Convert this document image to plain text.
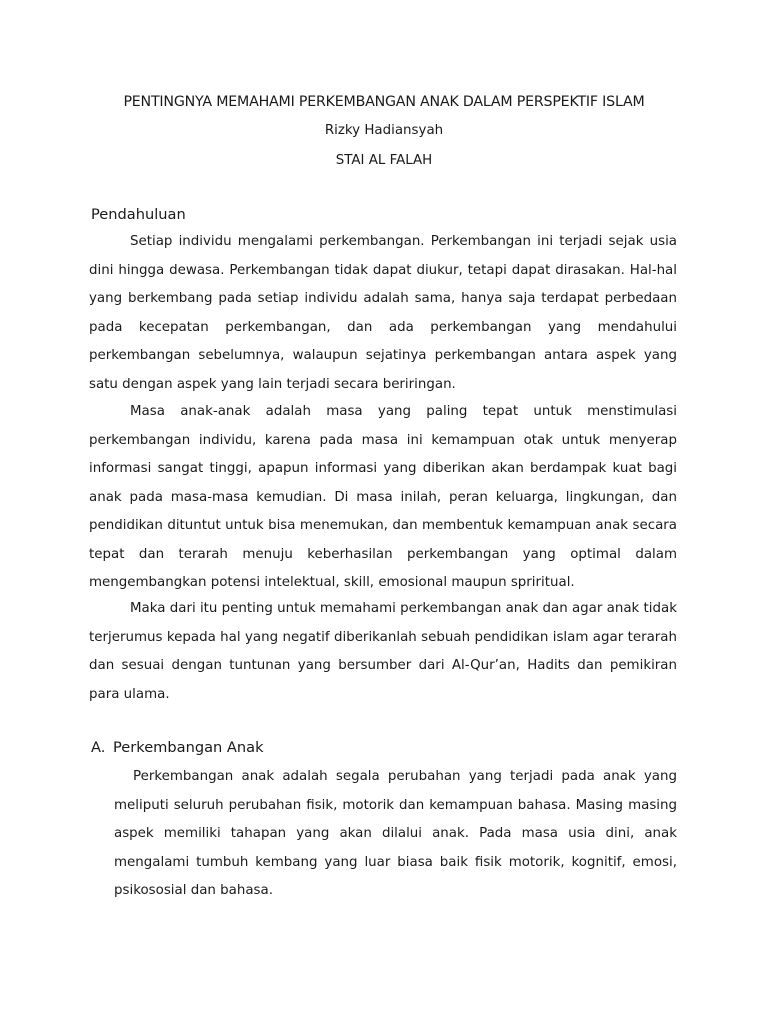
PENTINGNYA MEMAHAMI PERKEMBANGAN ANAK DALAM PERSPEKTIF ISLAM
Rizky Hadiansyah
STAI AL FALAH
Pendahuluan

Setiap individu mengalami perkembangan. Perkembangan ini terjadi sejak usia dini hingga dewasa. Perkembangan tidak dapat diukur, tetapi dapat dirasakan. Hal-hal yang berkembang pada setiap individu adalah sama, hanya saja terdapat perbedaan pada kecepatan perkembangan, dan ada perkembangan yang mendahului perkembangan sebelumnya, walaupun sejatinya perkembangan antara aspek yang satu dengan aspek yang lain terjadi secara beriringan.

Masa anak-anak adalah masa yang paling tepat untuk menstimulasi perkembangan individu, karena pada masa ini kemampuan otak untuk menyerap informasi sangat tinggi, apapun informasi yang diberikan akan berdampak kuat bagi anak pada masa-masa kemudian. Di masa inilah, peran keluarga, lingkungan, dan pendidikan dituntut untuk bisa menemukan, dan membentuk kemampuan anak secara tepat dan terarah menuju keberhasilan perkembangan yang optimal dalam mengembangkan potensi intelektual, skill, emosional maupun spriritual.

Maka dari itu penting untuk memahami perkembangan anak dan agar anak tidak terjerumus kepada hal yang negatif diberikanlah sebuah pendidikan islam agar terarah dan sesuai dengan tuntunan yang bersumber dari Al-Qur’an, Hadits dan pemikiran para ulama.

A. Perkembangan Anak

Perkembangan anak adalah segala perubahan yang terjadi pada anak yang meliputi seluruh perubahan fisik, motorik dan kemampuan bahasa. Masing masing aspek memiliki tahapan yang akan dilalui anak. Pada masa usia dini, anak mengalami tumbuh kembang yang luar biasa baik fisik motorik, kognitif, emosi, psikososial dan bahasa.
